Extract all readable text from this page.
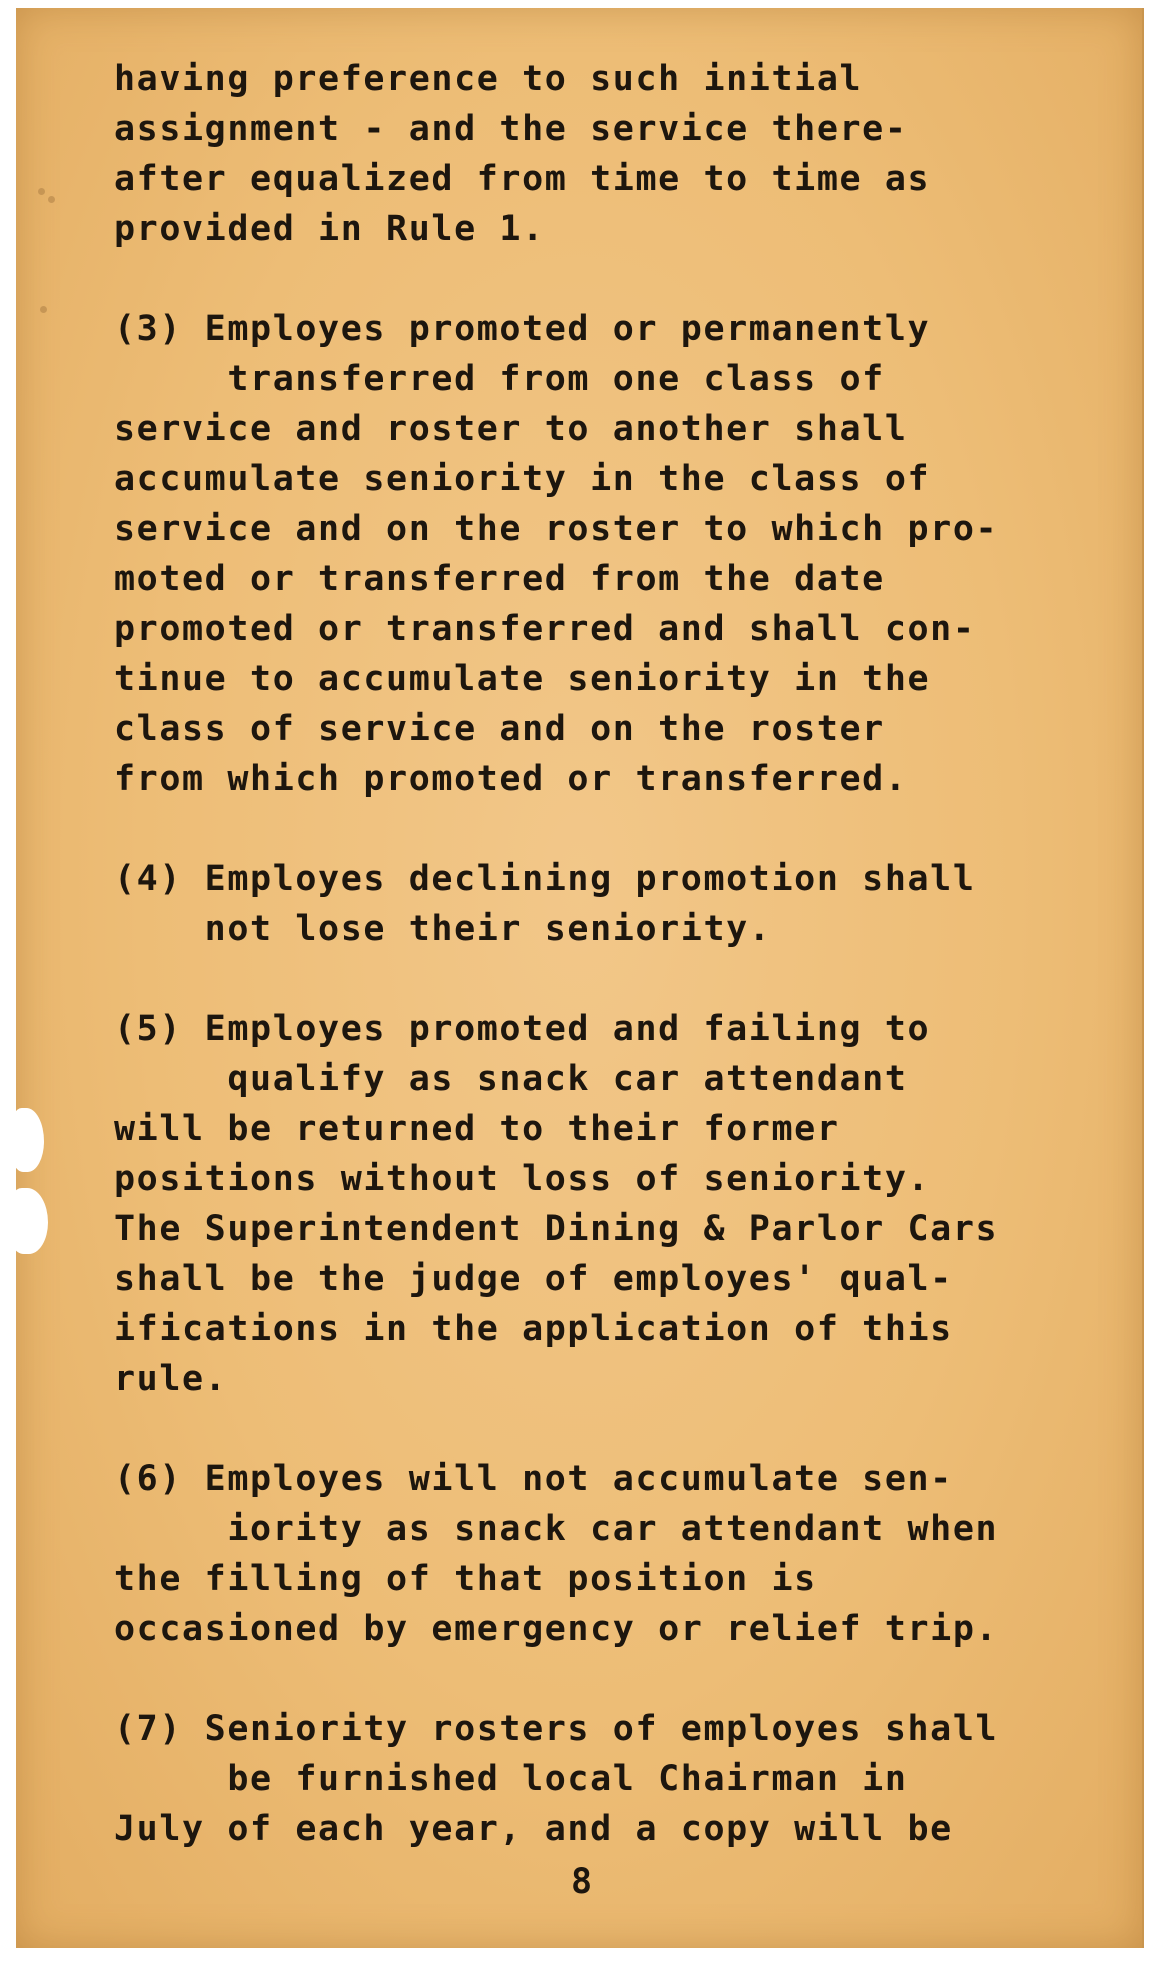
having preference to such initial
assignment - and the service there-
after equalized from time to time as
provided in Rule 1.
(3) Employes promoted or permanently
transferred from one class of
service and roster to another shall
accumulate seniority in the class of
service and on the roster to which pro-
moted or transferred from the date
promoted or transferred and shall con-
tinue to accumulate seniority in the
class of service and on the roster
from which promoted or transferred.
(4) Employes declining promotion shall
not lose their seniority.
(5) Employes promoted and failing to
qualify as snack car attendant
will be returned to their former
positions without loss of seniority.
The Superintendent Dining & Parlor Cars
shall be the judge of employes' qual-
ifications in the application of this
rule.
(6) Employes will not accumulate sen-
iority as snack car attendant when
the filling of that position is
occasioned by emergency or relief trip.
(7) Seniority rosters of employes shall
be furnished local Chairman in
July of each year, and a copy will be
8
